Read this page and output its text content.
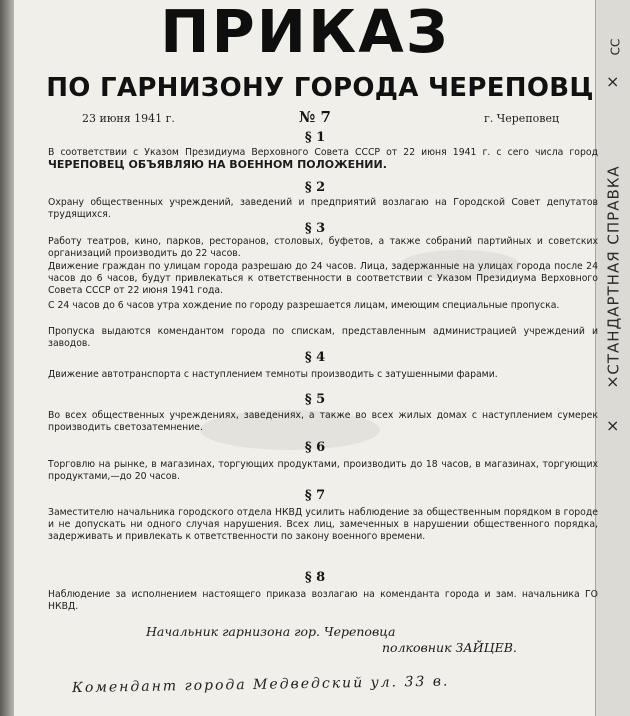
CC
×
СТАНДАРТНАЯ СПРАВКА
×
×
ПРИКАЗ
ПО ГАРНИЗОНУ ГОРОДА ЧЕРЕПОВЦ
23 июня 1941 г.	№ 7	г. Череповец
§ 1
В соответствии с Указом Президиума Верховного Совета СССР от 22 июня 1941 г. с сего числа город ЧЕРЕПОВЕЦ ОБЪЯВЛЯЮ НА ВОЕННОМ ПОЛОЖЕНИИ.
§ 2
Охрану общественных учреждений, заведений и предприятий возлагаю на Городской Совет депутатов трудящихся.
§ 3
Работу театров, кино, парков, ресторанов, столовых, буфетов, а также собраний партийных и советских организаций производить до 22 часов.
Движение граждан по улицам города разрешаю до 24 часов. Лица, задержанные на улицах города после 24 часов до 6 часов, будут привлекаться к ответственности в соответствии с Указом Президиума Верховного Совета СССР от 22 июня 1941 года.
С 24 часов до 6 часов утра хождение по городу разрешается лицам, имеющим специальные пропуска.
Пропуска выдаются комендантом города по спискам, представленным администрацией учреждений и заводов.
§ 4
Движение автотранспорта с наступлением темноты производить с затушенными фарами.
§ 5
Во всех общественных учреждениях, заведениях, а также во всех жилых домах с наступлением сумерек производить светозатемнение.
§ 6
Торговлю на рынке, в магазинах, торгующих продуктами, производить до 18 часов, в магазинах, торгующих продуктами,—до 20 часов.
§ 7
Заместителю начальника городского отдела НКВД усилить наблюдение за общественным порядком в городе и не допускать ни одного случая нарушения. Всех лиц, замеченных в нарушении общественного порядка, задерживать и привлекать к ответственности по закону военного времени.
§ 8
Наблюдение за исполнением настоящего приказа возлагаю на коменданта города и зам. начальника ГО НКВД.
Начальник гарнизона гор. Череповца
полковник ЗАЙЦЕВ.
Комендант города Медведский ул. 33 в.
